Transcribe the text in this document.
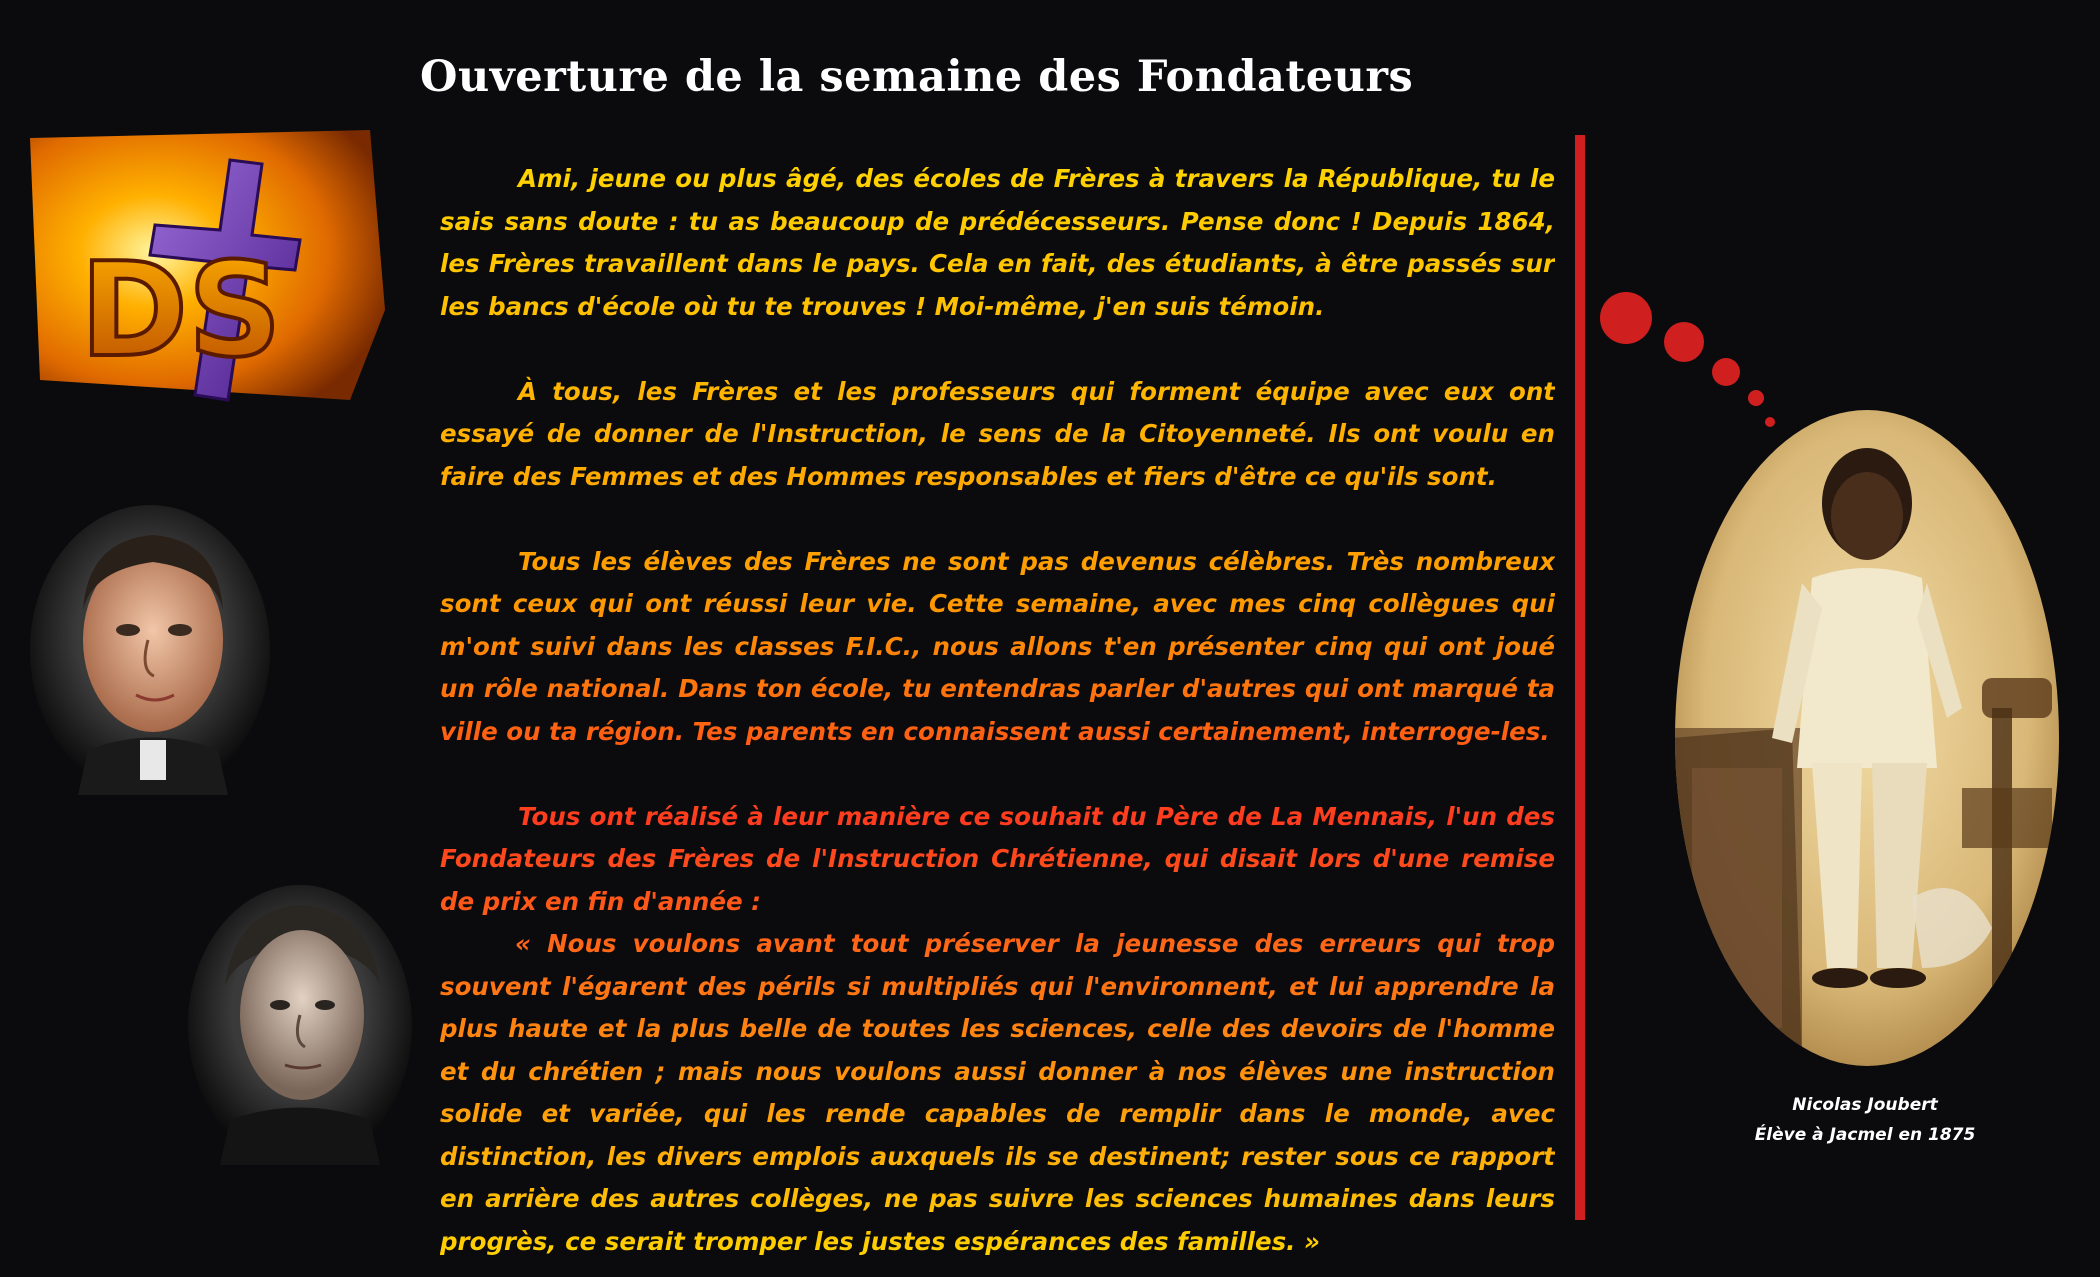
Ouverture de la semaine des Fondateurs
DS

Ami, jeune ou plus âgé, des écoles de Frères à travers la République, tu le sais sans doute : tu as beaucoup de prédécesseurs. Pense donc ! Depuis 1864, les Frères travaillent dans le pays. Cela en fait, des étudiants, à être passés sur les bancs d'école où tu te trouves ! Moi-même, j'en suis témoin.

À tous, les Frères et les professeurs qui forment équipe avec eux ont essayé de donner de l'Instruction, le sens de la Citoyenneté. Ils ont voulu en faire des Femmes et des Hommes responsables et fiers d'être ce qu'ils sont.

Tous les élèves des Frères ne sont pas devenus célèbres. Très nombreux sont ceux qui ont réussi leur vie. Cette semaine, avec mes cinq collègues qui m'ont suivi dans les classes F.I.C., nous allons t'en présenter cinq qui ont joué un rôle national. Dans ton école, tu entendras parler d'autres qui ont marqué ta ville ou ta région. Tes parents en connaissent aussi certainement, interroge-les.

Tous ont réalisé à leur manière ce souhait du Père de La Mennais, l'un des Fondateurs des Frères de l'Instruction Chrétienne, qui disait lors d'une remise de prix en fin d'année :

« Nous voulons avant tout préserver la jeunesse des erreurs qui trop souvent l'égarent des périls si multipliés qui l'environnent, et lui apprendre la plus haute et la plus belle de toutes les sciences, celle des devoirs de l'homme et du chrétien ; mais nous voulons aussi donner à nos élèves une instruction solide et variée, qui les rende capables de remplir dans le monde, avec distinction, les divers emplois auxquels ils se destinent; rester sous ce rapport en arrière des autres collèges, ne pas suivre les sciences humaines dans leurs progrès, ce serait tromper les justes espérances des familles. »

Nicolas Joubert
Élève à Jacmel en 1875
